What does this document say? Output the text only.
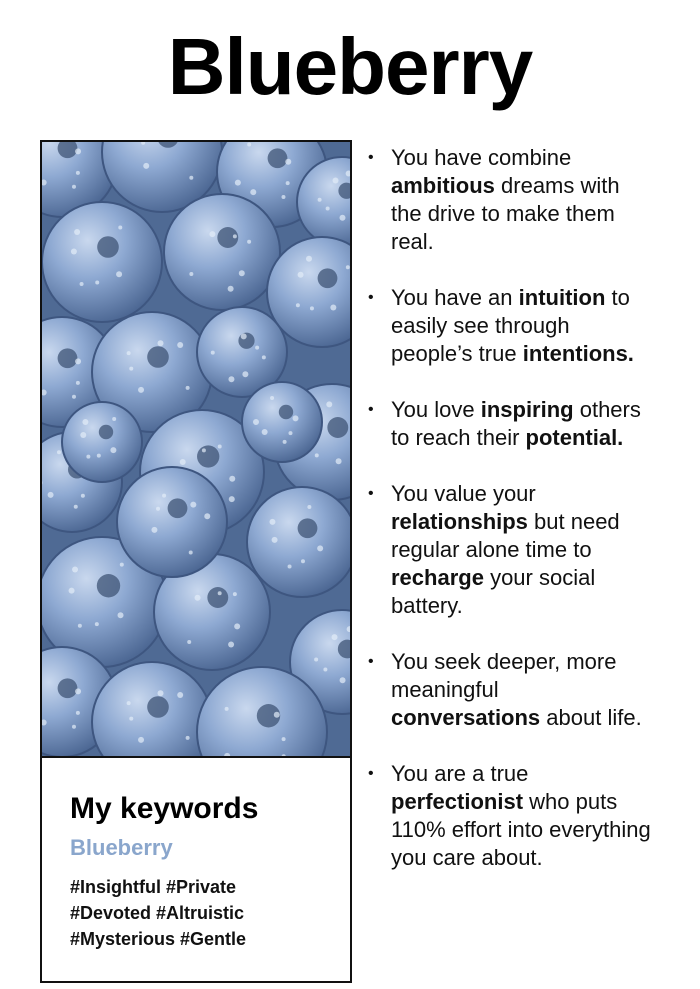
Blueberry
My keywords
Blueberry
#Insightful #Private
#Devoted #Altruistic
#Mysterious #Gentle
• You have combine ambitious dreams with the drive to make them real.
• You have an intuition to easily see through people’s true intentions.
• You love inspiring others to reach their potential.
• You value your relationships but need regular alone time to recharge your social battery.
• You seek deeper, more meaningful conversations about life.
• You are a true perfectionist who puts 110% effort into everything you care about.
